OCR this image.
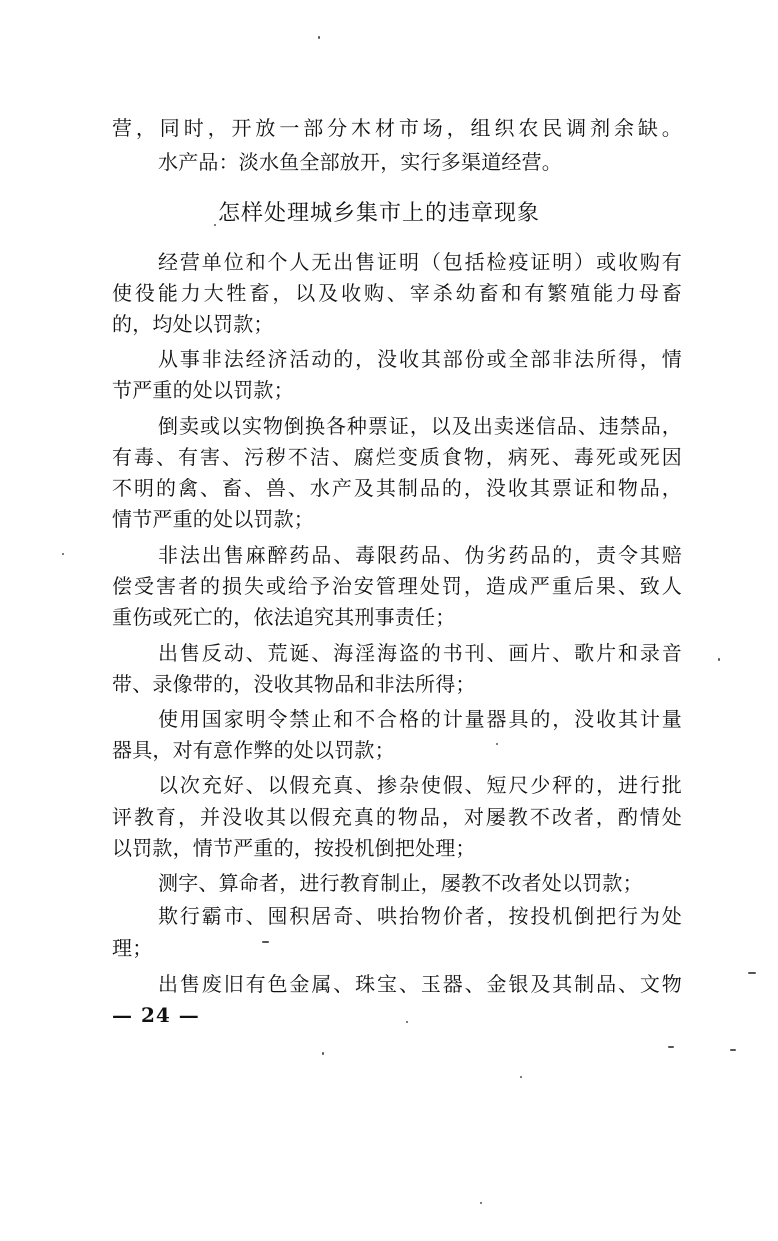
营，同时，开放一部分木材市场，组织农民调剂余缺。
水产品：淡水鱼全部放开，实行多渠道经营。
怎样处理城乡集市上的违章现象
经营单位和个人无出售证明（包括检疫证明）或收购有
使役能力大牲畜，以及收购、宰杀幼畜和有繁殖能力母畜
的，均处以罚款；
从事非法经济活动的，没收其部份或全部非法所得，情
节严重的处以罚款；
倒卖或以实物倒换各种票证，以及出卖迷信品、违禁品，
有毒、有害、污秽不洁、腐烂变质食物，病死、毒死或死因
不明的禽、畜、兽、水产及其制品的，没收其票证和物品，
情节严重的处以罚款；
非法出售麻醉药品、毒限药品、伪劣药品的，责令其赔
偿受害者的损失或给予治安管理处罚，造成严重后果、致人
重伤或死亡的，依法追究其刑事责任；
出售反动、荒诞、海淫海盗的书刊、画片、歌片和录音
带、录像带的，没收其物品和非法所得；
使用国家明令禁止和不合格的计量器具的，没收其计量
器具，对有意作弊的处以罚款；
以次充好、以假充真、掺杂使假、短尺少秤的，进行批
评教育，并没收其以假充真的物品，对屡教不改者，酌情处
以罚款，情节严重的，按投机倒把处理；
测字、算命者，进行教育制止，屡教不改者处以罚款；
欺行霸市、囤积居奇、哄抬物价者，按投机倒把行为处
理；
出售废旧有色金属、珠宝、玉器、金银及其制品、文物
— 24 —
